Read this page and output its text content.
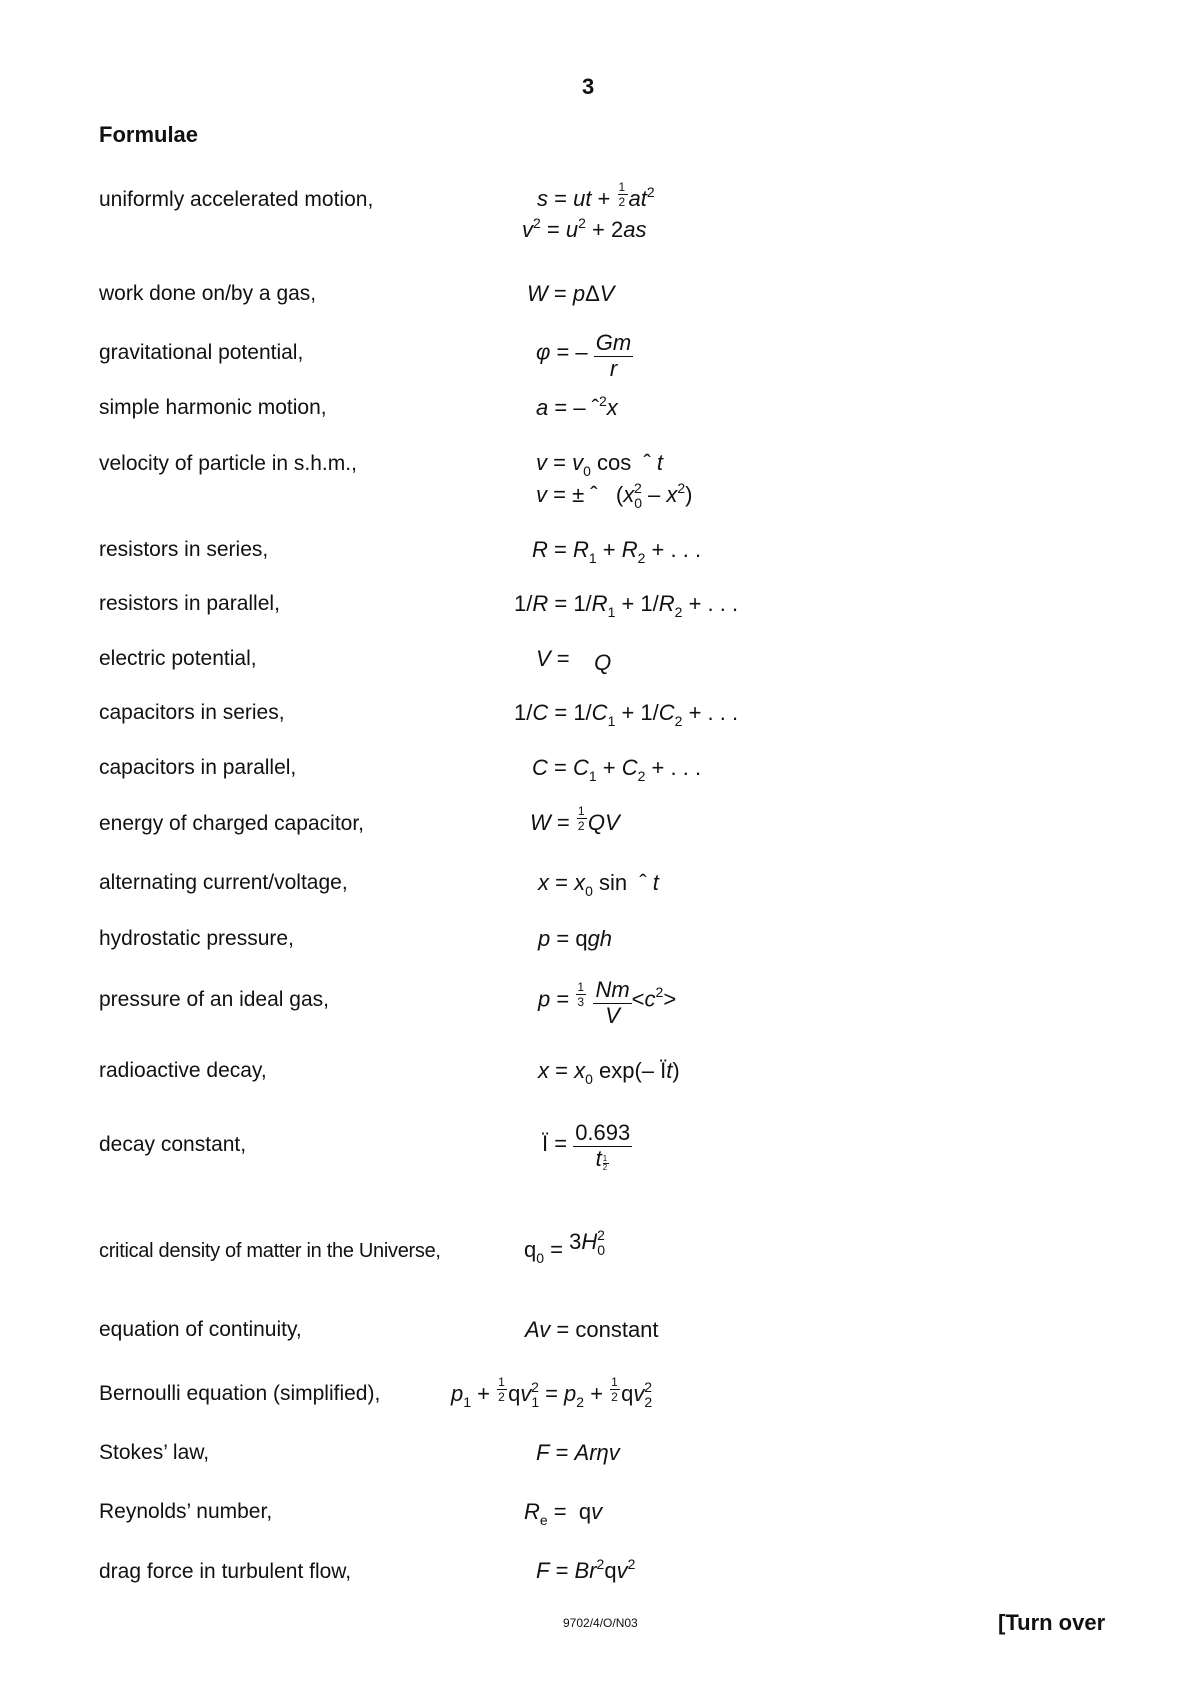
3
Formulae
uniformly accelerated motion,
work done on/by a gas,
gravitational potential,
simple harmonic motion,
velocity of particle in s.h.m.,
resistors in series,
resistors in parallel,
electric potential,
capacitors in series,
capacitors in parallel,
energy of charged capacitor,
alternating current/voltage,
hydrostatic pressure,
pressure of an ideal gas,
radioactive decay,
decay constant,
critical density of matter in the Universe,
equation of continuity,
Bernoulli equation (simplified),
Stokes’ law,
Reynolds’ number,
drag force in turbulent flow,
s = ut + $\frac{1}{2} at^2$
$v^2 = u^2 + 2as$
W = pΔV
φ = – $\frac{Gm}{r}$
a = – ˆ$^2$x
$v = v_0$ cos  ˆ t
v = ± ˆ   $(x_0^2 - x^2)$
$R = R_1 + R_2$ + . . .
$1/R = 1/R_1 + 1/R_2$ + . . .
V =    Q
$1/C = 1/C_1 + 1/C_2$ + . . .
$C = C_1 + C_2$ + . . .
$W = \frac{1}{2}$ QV
$x = x_0$ sin  ˆ t
p = qgh
$p = \frac{1}{3}$
$\frac{Nm}{V} <c^2>$
$x = x_0$ exp(– Ït)
Ï = $\frac{0.693}{t \frac{1}{2}}$
$q_0 = 3H_0^2$
Av = constant
$p_1 + \frac{1}{2} qv_1^2 = p_2 + \frac{1}{2} qv_2^2$
F = Arηv
$R_e$ =  qv
$F = Br^2qv^2$
9702/4/O/N03	[Turn over
